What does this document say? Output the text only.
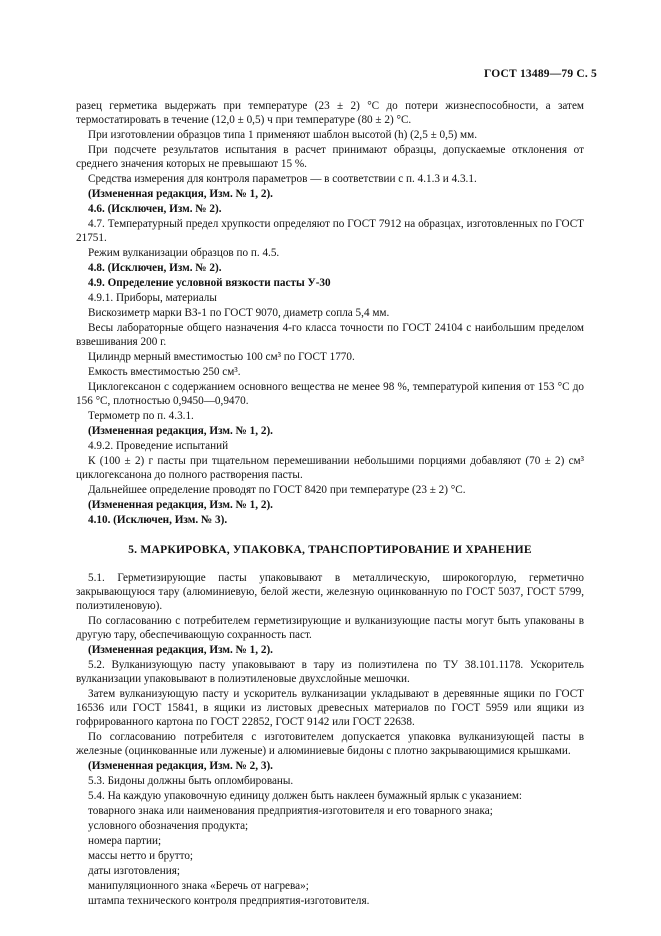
ГОСТ 13489—79 С. 5

разец герметика выдержать при температуре (23 ± 2) °С до потери жизнеспособности, а затем термостатировать в течение (12,0 ± 0,5) ч при температуре (80 ± 2) °С.

При изготовлении образцов типа 1 применяют шаблон высотой (h) (2,5 ± 0,5) мм.

При подсчете результатов испытания в расчет принимают образцы, допускаемые отклонения от среднего значения которых не превышают 15 %.

Средства измерения для контроля параметров — в соответствии с п. 4.1.3 и 4.3.1.

(Измененная редакция, Изм. № 1, 2).

4.6. (Исключен, Изм. № 2).

4.7. Температурный предел хрупкости определяют по ГОСТ 7912 на образцах, изготовленных по ГОСТ 21751.

Режим вулканизации образцов по п. 4.5.

4.8. (Исключен, Изм. № 2).

4.9. Определение условной вязкости пасты У-30

4.9.1. Приборы, материалы

Вискозиметр марки ВЗ-1 по ГОСТ 9070, диаметр сопла 5,4 мм.

Весы лабораторные общего назначения 4-го класса точности по ГОСТ 24104 с наибольшим пределом взвешивания 200 г.

Цилиндр мерный вместимостью 100 см³ по ГОСТ 1770.

Емкость вместимостью 250 см³.

Циклогексанон с содержанием основного вещества не менее 98 %, температурой кипения от 153 °С до 156 °С, плотностью 0,9450—0,9470.

Термометр по п. 4.3.1.

(Измененная редакция, Изм. № 1, 2).

4.9.2. Проведение испытаний

К (100 ± 2) г пасты при тщательном перемешивании небольшими порциями добавляют (70 ± 2) см³ циклогексанона до полного растворения пасты.

Дальнейшее определение проводят по ГОСТ 8420 при температуре (23 ± 2) °С.

(Измененная редакция, Изм. № 1, 2).

4.10. (Исключен, Изм. № 3).

5. МАРКИРОВКА, УПАКОВКА, ТРАНСПОРТИРОВАНИЕ И ХРАНЕНИЕ

5.1. Герметизирующие пасты упаковывают в металлическую, широкогорлую, герметично закрывающуюся тару (алюминиевую, белой жести, железную оцинкованную по ГОСТ 5037, ГОСТ 5799, полиэтиленовую).

По согласованию с потребителем герметизирующие и вулканизующие пасты могут быть упакованы в другую тару, обеспечивающую сохранность паст.

(Измененная редакция, Изм. № 1, 2).

5.2. Вулканизующую пасту упаковывают в тару из полиэтилена по ТУ 38.101.1178. Ускоритель вулканизации упаковывают в полиэтиленовые двухслойные мешочки.

Затем вулканизующую пасту и ускоритель вулканизации укладывают в деревянные ящики по ГОСТ 16536 или ГОСТ 15841, в ящики из листовых древесных материалов по ГОСТ 5959 или ящики из гофрированного картона по ГОСТ 22852, ГОСТ 9142 или ГОСТ 22638.

По согласованию потребителя с изготовителем допускается упаковка вулканизующей пасты в железные (оцинкованные или луженые) и алюминиевые бидоны с плотно закрывающимися крышками.

(Измененная редакция, Изм. № 2, 3).

5.3. Бидоны должны быть опломбированы.

5.4. На каждую упаковочную единицу должен быть наклеен бумажный ярлык с указанием:

товарного знака или наименования предприятия-изготовителя и его товарного знака;

условного обозначения продукта;

номера партии;

массы нетто и брутто;

даты изготовления;

манипуляционного знака «Беречь от нагрева»;

штампа технического контроля предприятия-изготовителя.
